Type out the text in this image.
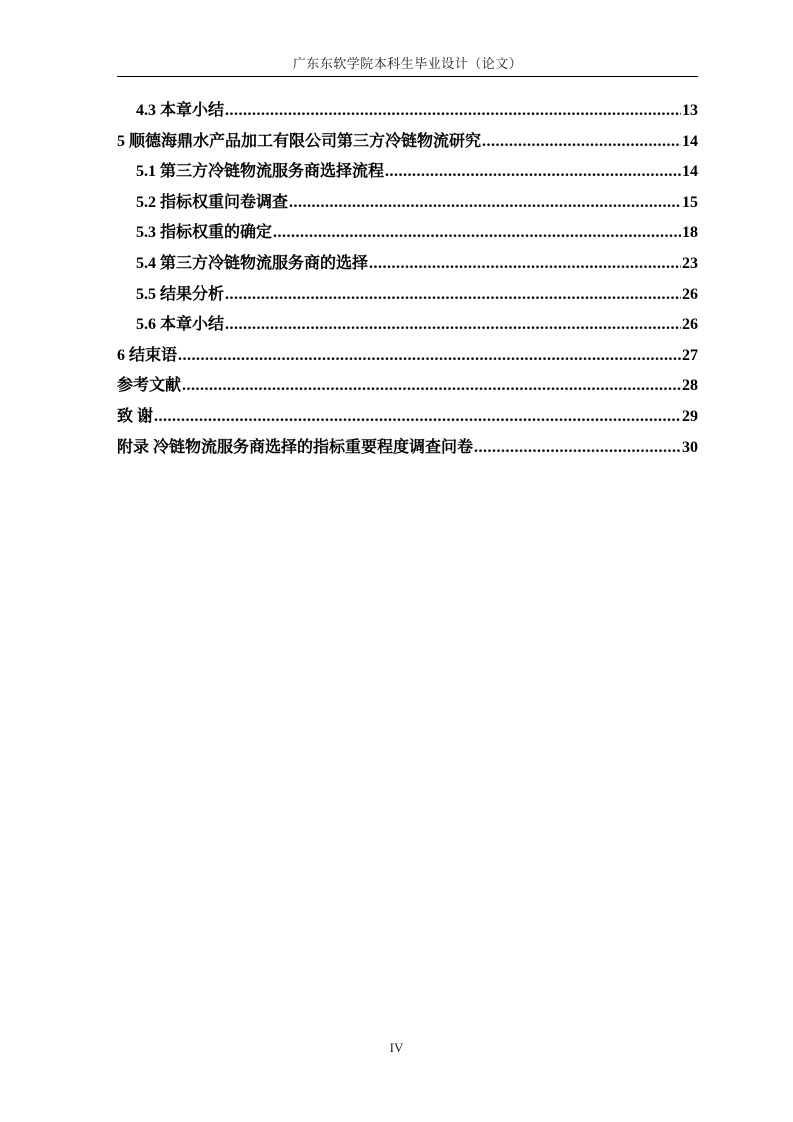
广东东软学院本科生毕业设计（论文）
4.3 本章小结 .....	13
5 顺德海鼎水产品加工有限公司第三方冷链物流研究 .....	14
5.1 第三方冷链物流服务商选择流程 .....	14
5.2 指标权重问卷调查 .....	15
5.3 指标权重的确定 .....	18
5.4 第三方冷链物流服务商的选择 .....	23
5.5 结果分析 .....	26
5.6 本章小结 .....	26
6 结束语 .....	27
参考文献 .....	28
致 谢 .....	29
附录 冷链物流服务商选择的指标重要程度调查问卷 .....	30
IV
